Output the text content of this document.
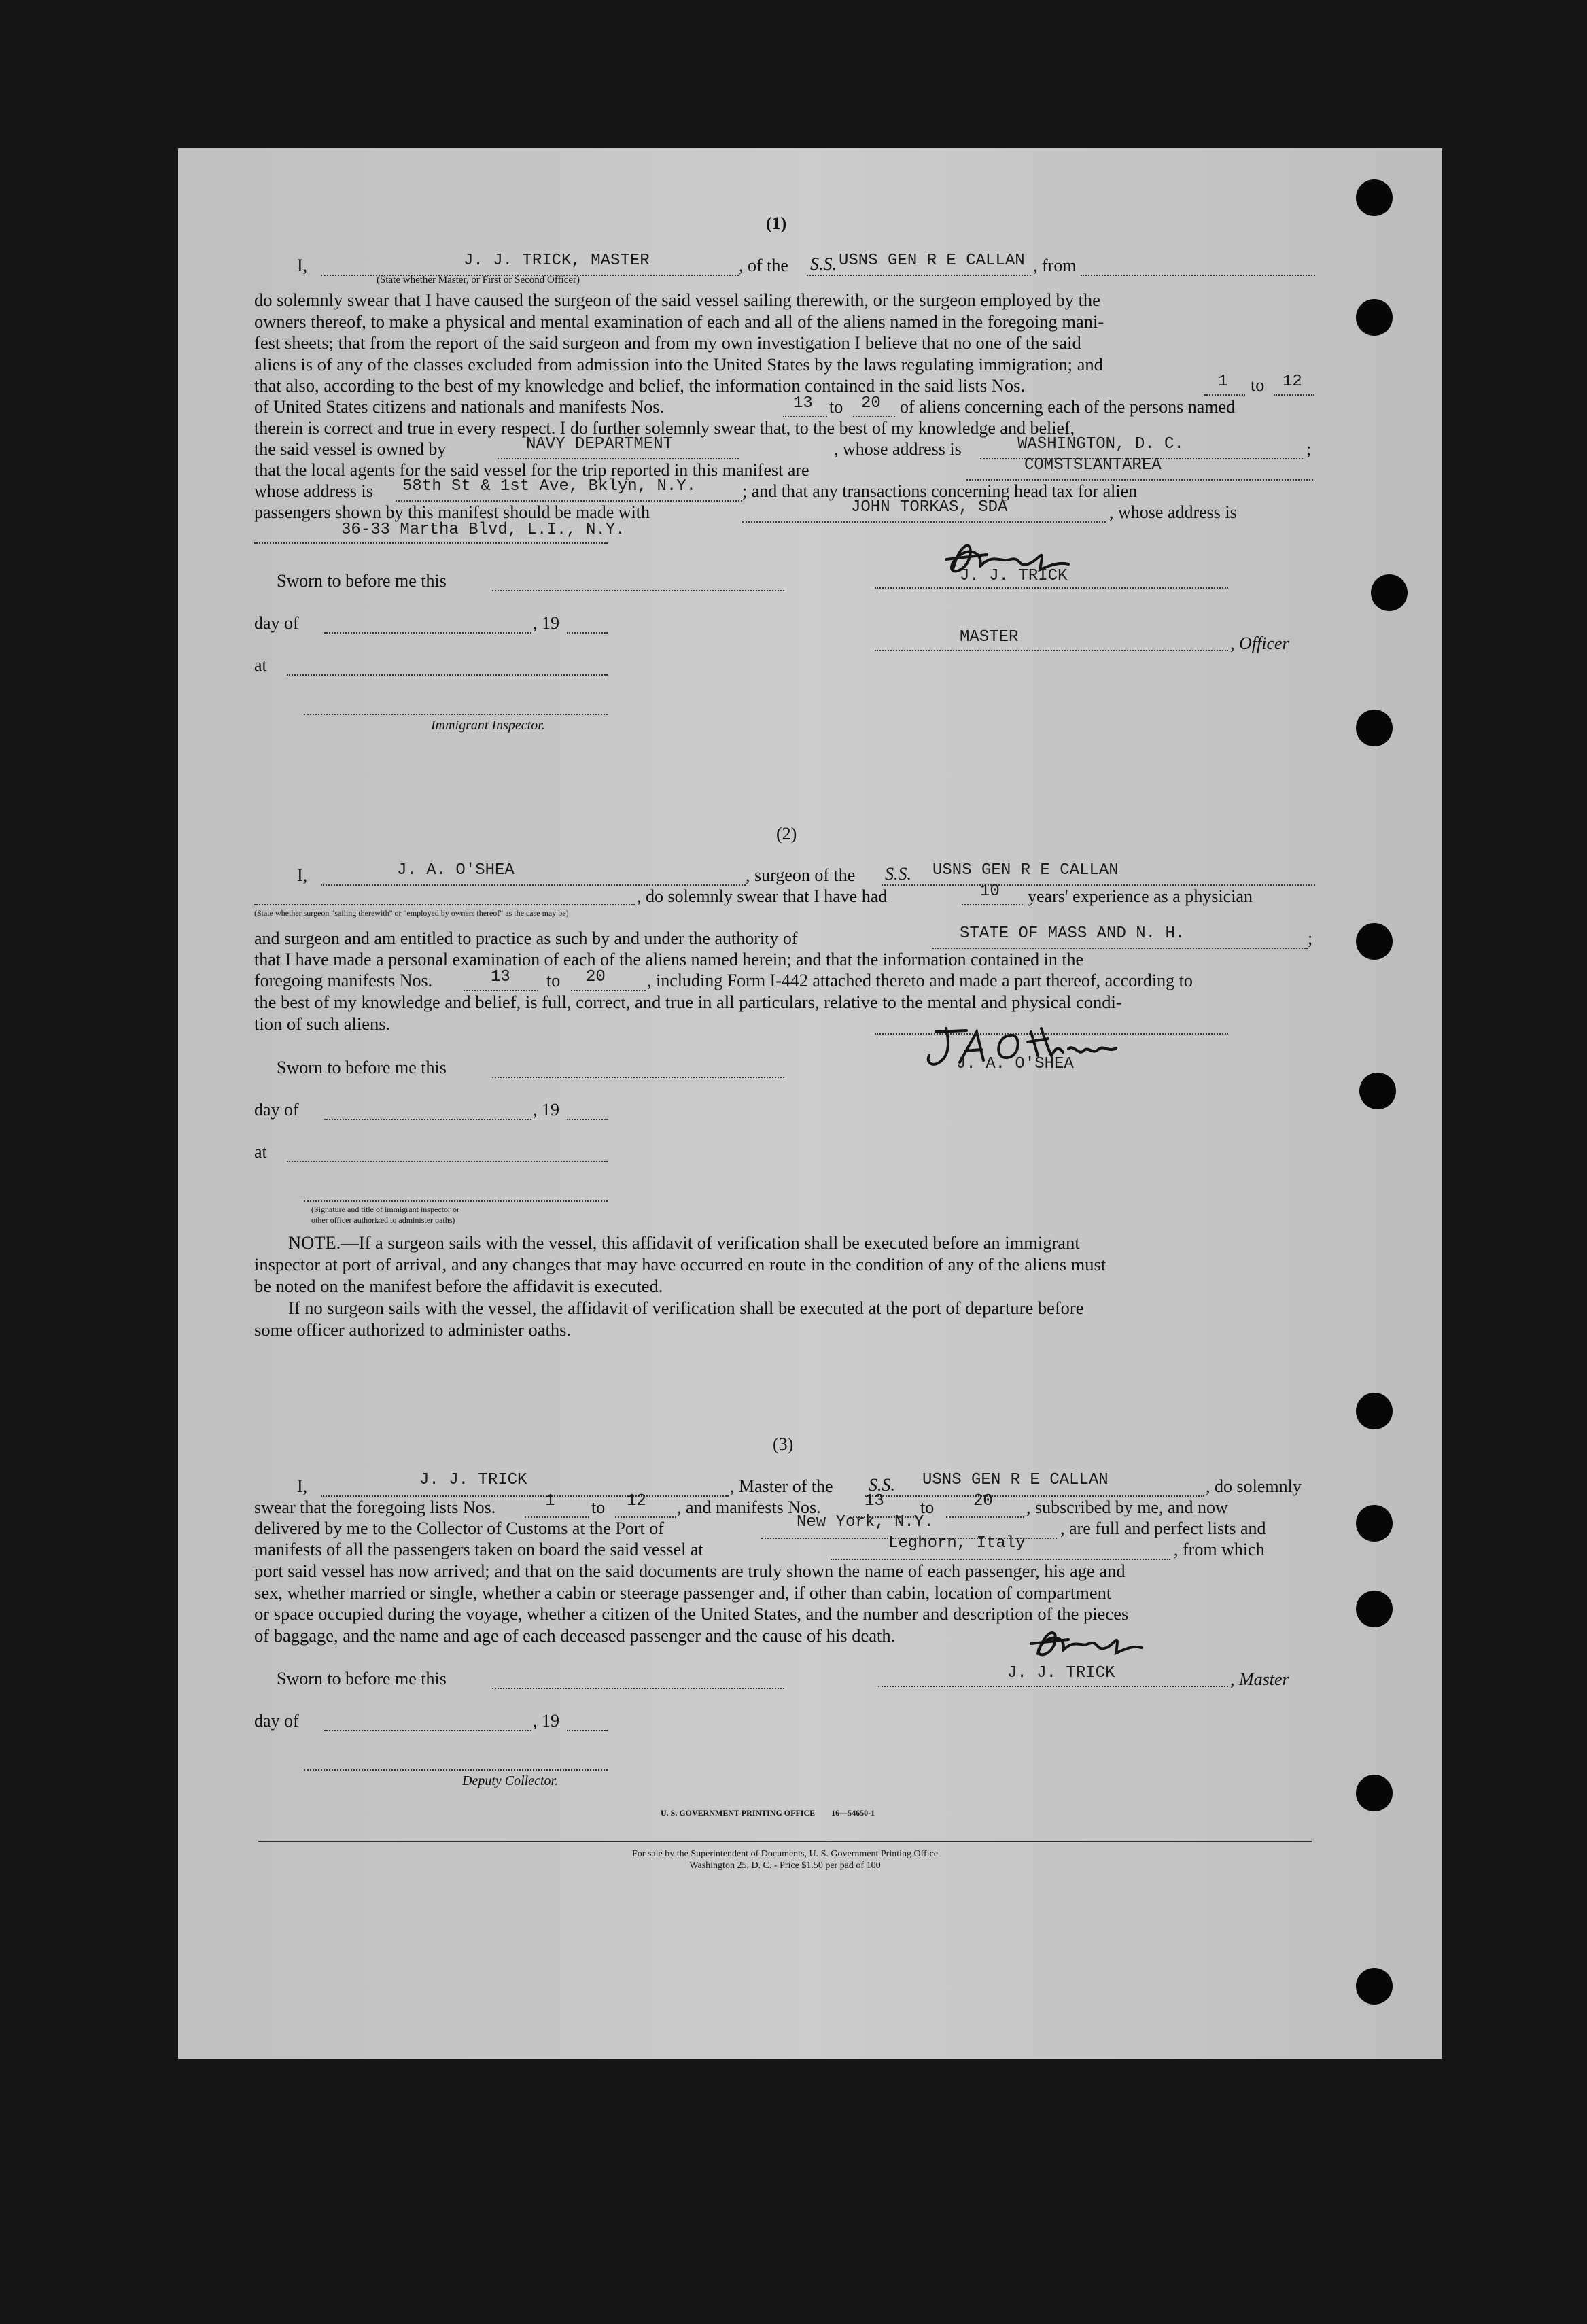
(1)
I,	J. J. TRICK, MASTER
(State whether Master, or First or Second Officer)
, of the S.S. USNS GEN R E CALLAN , from
do solemnly swear that I have caused the surgeon of the said vessel sailing therewith, or the surgeon employed by the
owners thereof, to make a physical and mental examination of each and all of the aliens named in the foregoing mani-
fest sheets; that from the report of the said surgeon and from my own investigation I believe that no one of the said
aliens is of any of the classes excluded from admission into the United States by the laws regulating immigration; and
that also, according to the best of my knowledge and belief, the information contained in the said lists Nos.	1 to 12
of United States citizens and nationals and manifests Nos.	13 to 20 of aliens concerning each of the persons named
therein is correct and true in every respect. I do further solemnly swear that, to the best of my knowledge and belief,
the said vessel is owned by	NAVY DEPARTMENT	, whose address is	WASHINGTON, D. C.	;
that the local agents for the said vessel for the trip reported in this manifest are	COMSTSLANTAREA
whose address is 58th St & 1st Ave, Bklyn, N.Y.	; and that any transactions concerning head tax for alien
passengers shown by this manifest should be made with	JOHN TORKAS, SDA	, whose address is
36-33 Martha Blvd, L.I., N.Y.
Sworn to before me this
day of	, 19
at
Immigrant Inspector.
J. J. TRICK
MASTER	, Officer
(2)
I,	J. A. O'SHEA	, surgeon of the S.S. USNS GEN R E CALLAN
, do solemnly swear that I have had	10 years' experience as a physician
(State whether surgeon "sailing therewith" or "employed by owners thereof" as the case may be)
and surgeon and am entitled to practice as such by and under the authority of	STATE OF MASS AND N. H.	;
that I have made a personal examination of each of the aliens named herein; and that the information contained in the
foregoing manifests Nos.	13 to 20 , including Form I-442 attached thereto and made a part thereof, according to
the best of my knowledge and belief, is full, correct, and true in all particulars, relative to the mental and physical condi-
tion of such aliens.
J. A. O'SHEA
Sworn to before me this
day of	, 19
at
(Signature and title of immigrant inspector or
other officer authorized to administer oaths)
NOTE.—If a surgeon sails with the vessel, this affidavit of verification shall be executed before an immigrant
inspector at port of arrival, and any changes that may have occurred en route in the condition of any of the aliens must
be noted on the manifest before the affidavit is executed.
If no surgeon sails with the vessel, the affidavit of verification shall be executed at the port of departure before
some officer authorized to administer oaths.
(3)
I,	J. J. TRICK	, Master of the S.S. USNS GEN R E CALLAN	, do solemnly
swear that the foregoing lists Nos.	1 to 12 , and manifests Nos.	13 to 20 , subscribed by me, and now
delivered by me to the Collector of Customs at the Port of	New York, N.Y.	, are full and perfect lists and
manifests of all the passengers taken on board the said vessel at	Leghorn, Italy	, from which
port said vessel has now arrived; and that on the said documents are truly shown the name of each passenger, his age and
sex, whether married or single, whether a cabin or steerage passenger and, if other than cabin, location of compartment
or space occupied during the voyage, whether a citizen of the United States, and the number and description of the pieces
of baggage, and the name and age of each deceased passenger and the cause of his death.
Sworn to before me this	J. J. TRICK	, Master
day of	, 19
Deputy Collector.
U. S. GOVERNMENT PRINTING OFFICE        16—54650-1
For sale by the Superintendent of Documents, U. S. Government Printing Office
Washington 25, D. C. - Price $1.50 per pad of 100
